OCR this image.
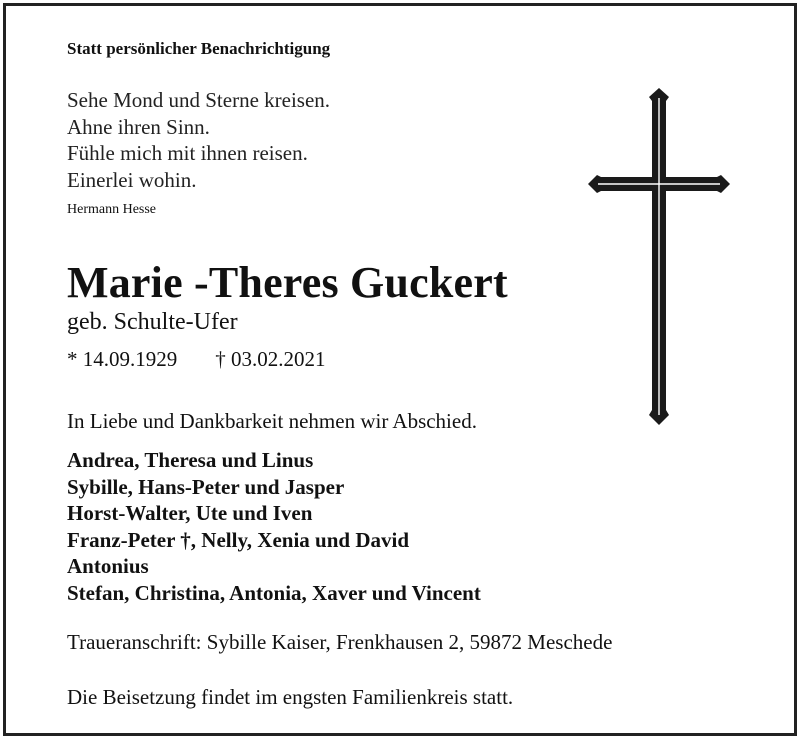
Statt persönlicher Benachrichtigung
Sehe Mond und Sterne kreisen.
Ahne ihren Sinn.
Fühle mich mit ihnen reisen.
Einerlei wohin.
Hermann Hesse
Marie -Theres Guckert
geb. Schulte-Ufer
* 14.09.1929 † 03.02.2021
In Liebe und Dankbarkeit nehmen wir Abschied.
Andrea, Theresa und Linus
Sybille, Hans-Peter und Jasper
Horst-Walter, Ute und Iven
Franz-Peter †, Nelly, Xenia und David
Antonius
Stefan, Christina, Antonia, Xaver und Vincent
Traueranschrift: Sybille Kaiser, Frenkhausen 2, 59872 Meschede
Die Beisetzung findet im engsten Familienkreis statt.
